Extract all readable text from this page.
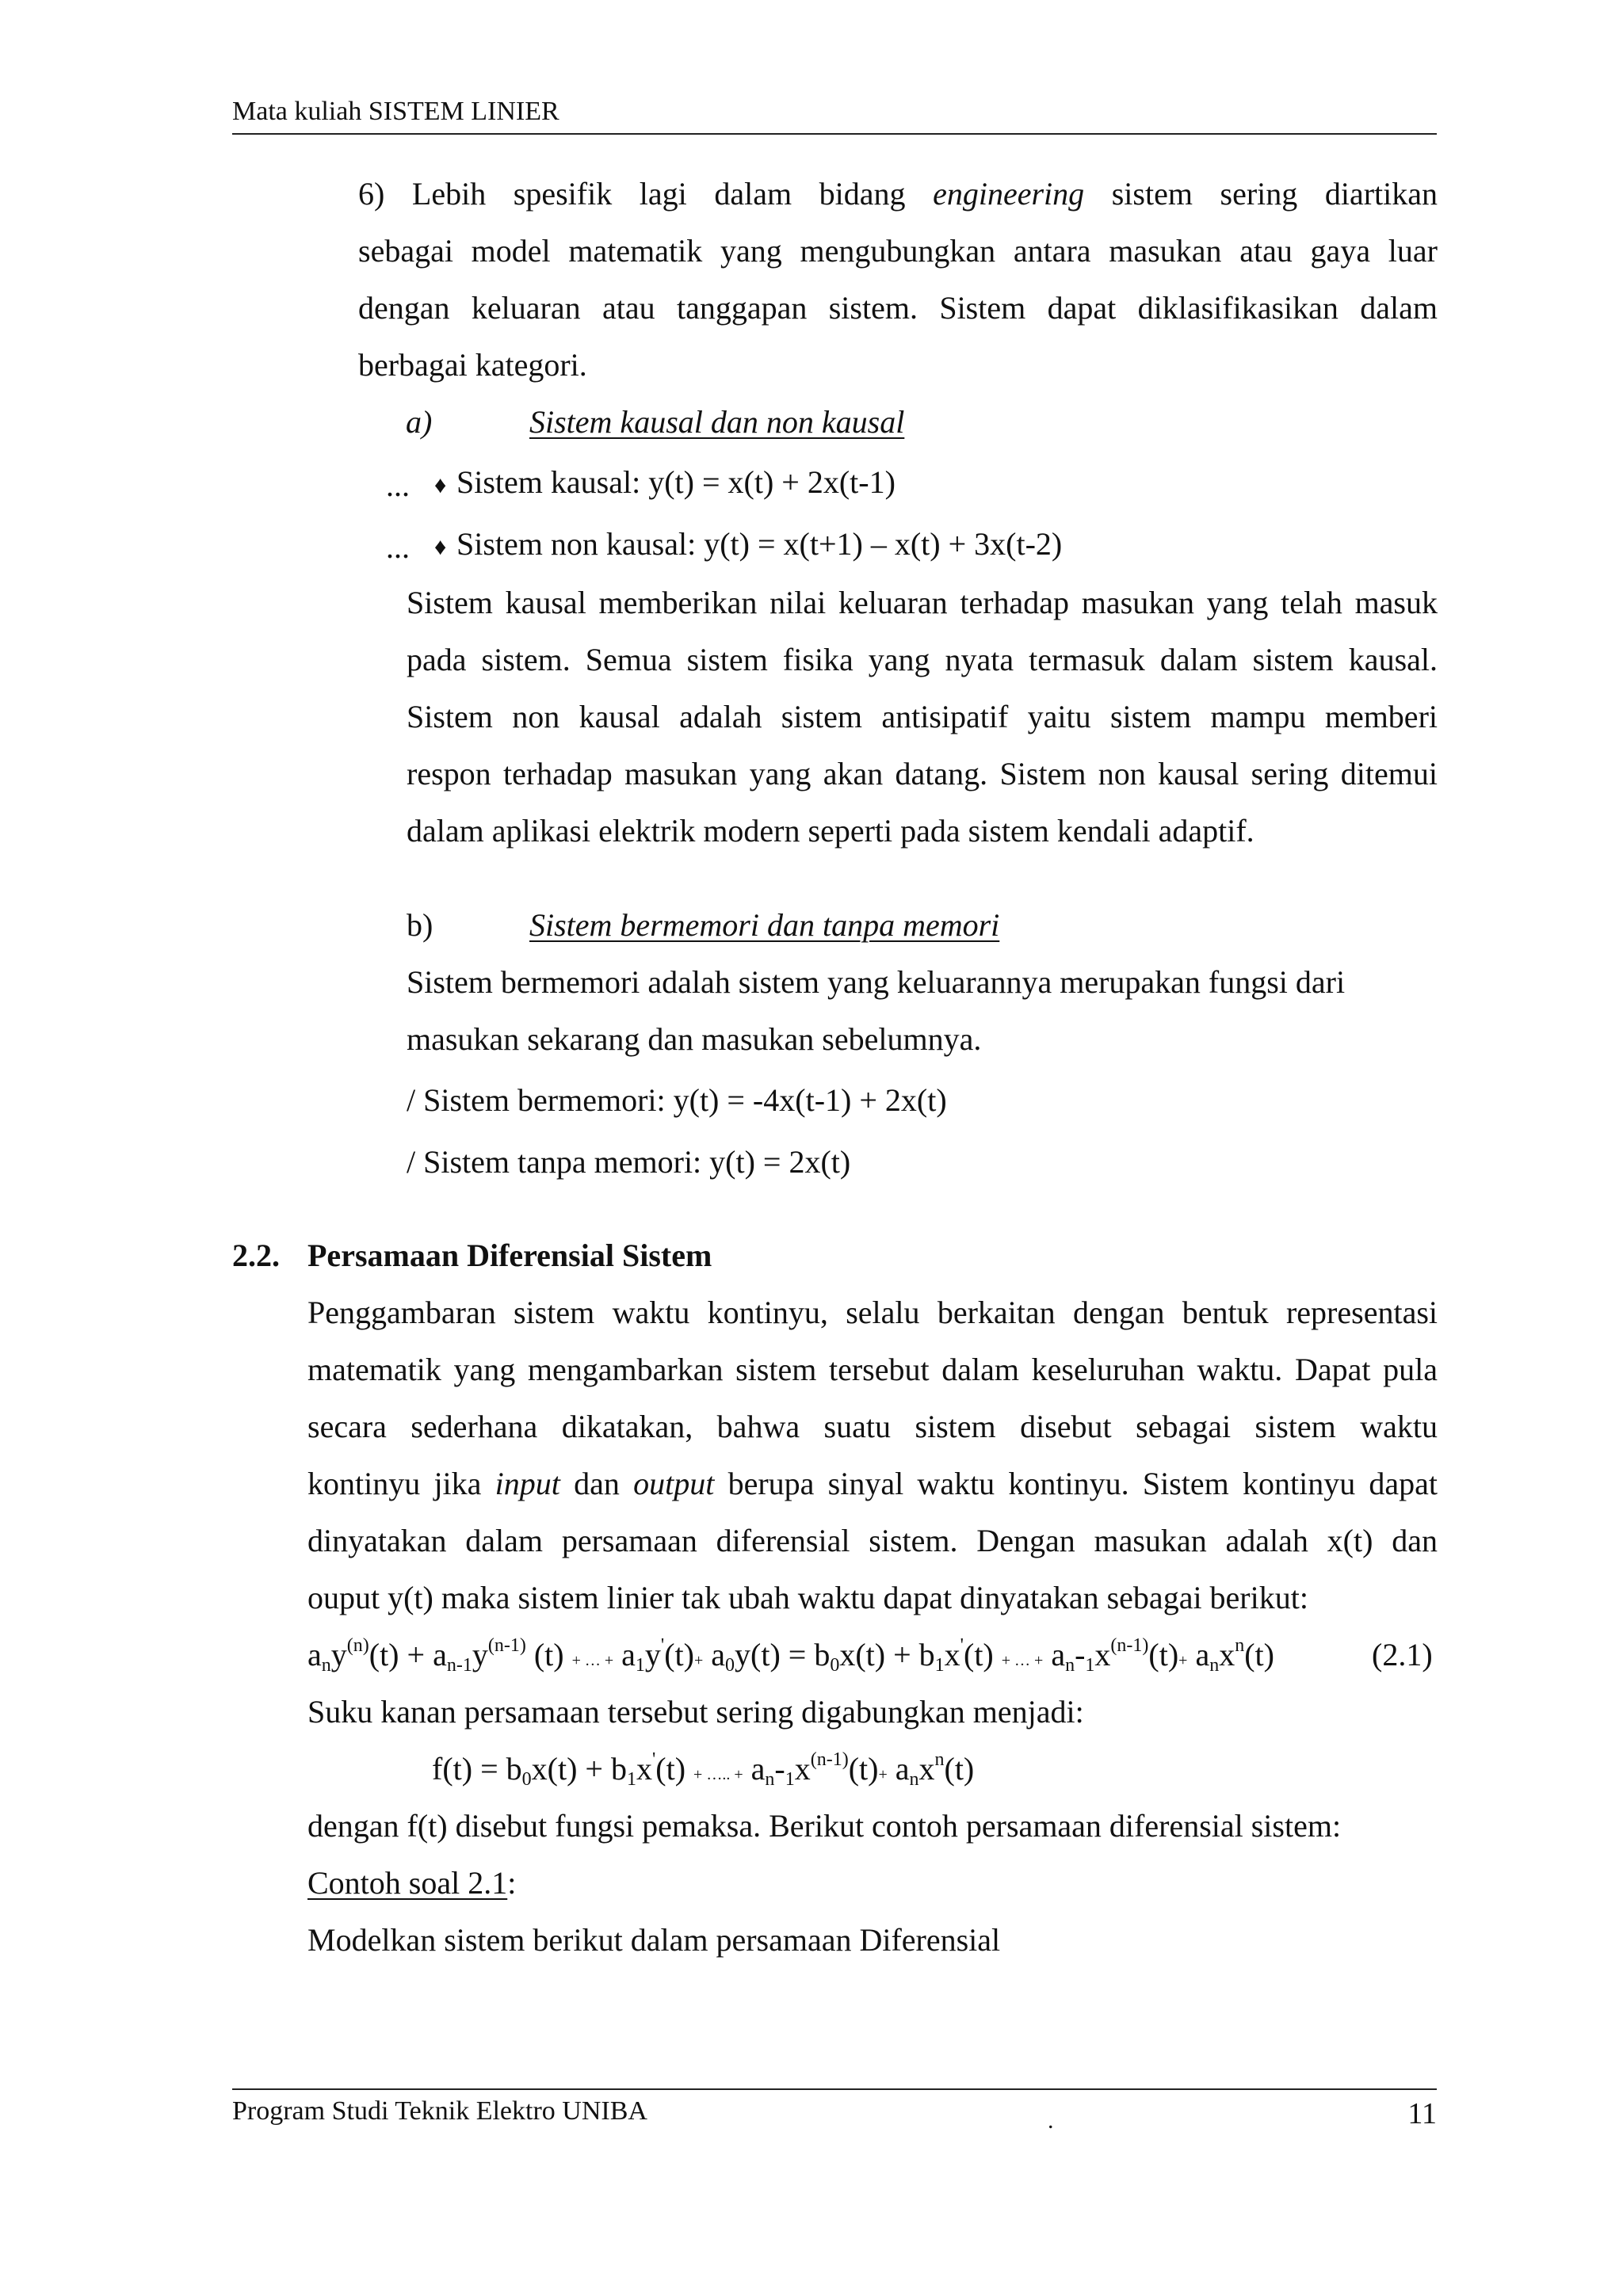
Mata kuliah SISTEM LINIER
6) Lebih spesifik lagi dalam bidang engineering sistem sering diartikan
sebagai model matematik yang mengubungkan antara masukan atau gaya luar
dengan keluaran atau tanggapan sistem. Sistem dapat diklasifikasikan dalam
berbagai kategori.
a)	Sistem kausal dan non kausal
... ♦ Sistem kausal: y(t) = x(t) + 2x(t-1)
... ♦ Sistem non kausal: y(t) = x(t+1) – x(t) + 3x(t-2)
Sistem kausal memberikan nilai keluaran terhadap masukan yang telah masuk
pada sistem. Semua sistem fisika yang nyata termasuk dalam sistem kausal.
Sistem non kausal adalah sistem antisipatif yaitu sistem mampu memberi
respon terhadap masukan yang akan datang. Sistem non kausal sering ditemui
dalam aplikasi elektrik modern seperti pada sistem kendali adaptif.
b)	Sistem bermemori dan tanpa memori
Sistem bermemori adalah sistem yang keluarannya merupakan fungsi dari
masukan sekarang dan masukan sebelumnya.
/ Sistem bermemori: y(t) = -4x(t-1) + 2x(t)
/ Sistem tanpa memori: y(t) = 2x(t)
2.2. Persamaan Diferensial Sistem
Penggambaran sistem waktu kontinyu, selalu berkaitan dengan bentuk representasi
matematik yang mengambarkan sistem tersebut dalam keseluruhan waktu. Dapat pula
secara sederhana dikatakan, bahwa suatu sistem disebut sebagai sistem waktu
kontinyu jika input dan output berupa sinyal waktu kontinyu. Sistem kontinyu dapat
dinyatakan dalam persamaan diferensial sistem. Dengan masukan adalah x(t) dan
ouput y(t) maka sistem linier tak ubah waktu dapat dinyatakan sebagai berikut:
$a_ny^{(n)}(t) + a_{n-1}y^{(n-1)}$ (t) + … + $a_1y'(t)+ a_0y(t) = b_0x(t) + b_1x'(t)$ + … + $a_n-_1x^{(n-1)}(t)+ a_nx^n(t)$	(2.1)
Suku kanan persamaan tersebut sering digabungkan menjadi:
$f(t) = b_0x(t) + b_1x'(t)$ + ….. + $a_n-_1x^{(n-1)}(t)+ a_nx^n(t)$
dengan f(t) disebut fungsi pemaksa. Berikut contoh persamaan diferensial sistem:
Contoh soal 2.1:
Modelkan sistem berikut dalam persamaan Diferensial
Program Studi Teknik Elektro UNIBA	.	11
